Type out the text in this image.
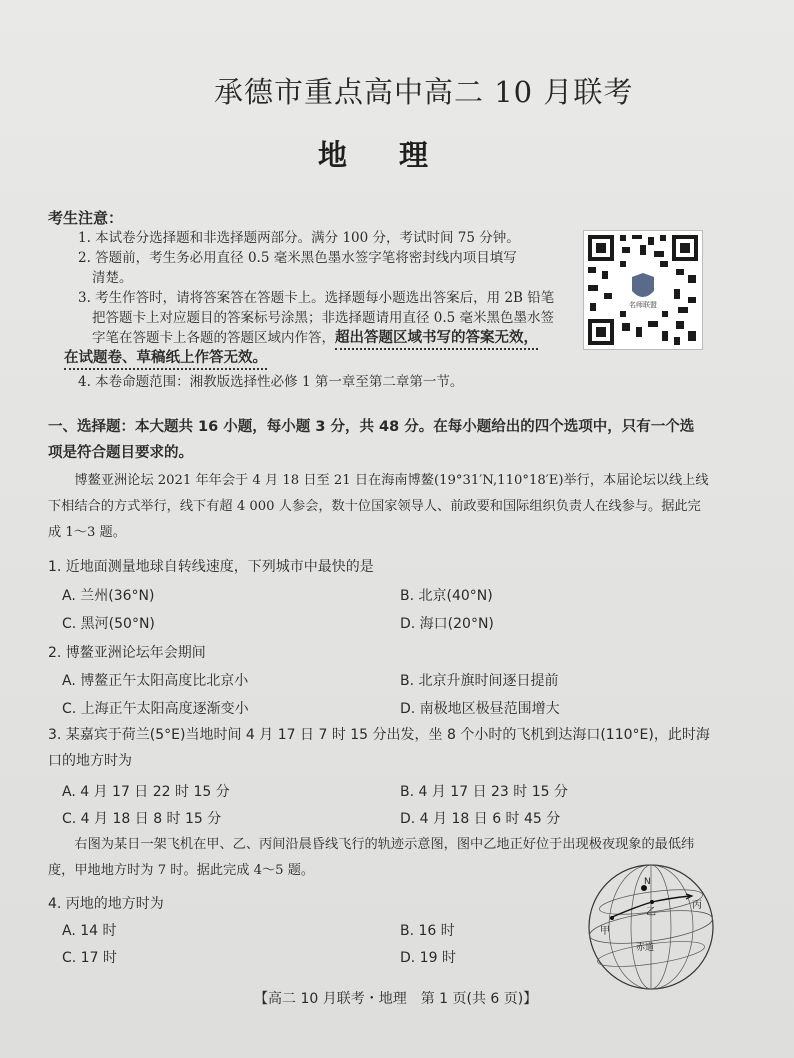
承德市重点高中高二 10 月联考
地理
考生注意：
1. 本试卷分选择题和非选择题两部分。满分 100 分，考试时间 75 分钟。
2. 答题前，考生务必用直径 0.5 毫米黑色墨水签字笔将密封线内项目填写
清楚。
3. 考生作答时，请将答案答在答题卡上。选择题每小题选出答案后，用 2B 铅笔
把答题卡上对应题目的答案标号涂黑；非选择题请用直径 0.5 毫米黑色墨水签
字笔在答题卡上各题的答题区域内作答，超出答题区域书写的答案无效，
在试题卷、草稿纸上作答无效。
4. 本卷命题范围：湘教版选择性必修 1 第一章至第二章第一节。
名师联盟
一、选择题：本大题共 16 小题，每小题 3 分，共 48 分。在每小题给出的四个选项中，只有一个选项是符合题目要求的。
博鳌亚洲论坛 2021 年年会于 4 月 18 日至 21 日在海南博鳌(19°31′N,110°18′E)举行，本届论坛以线上线下相结合的方式举行，线下有超 4 000 人参会，数十位国家领导人、前政要和国际组织负责人在线参与。据此完成 1～3 题。
1. 近地面测量地球自转线速度，下列城市中最快的是
A. 兰州(36°N)	B. 北京(40°N)
C. 黑河(50°N)	D. 海口(20°N)
2. 博鳌亚洲论坛年会期间
A. 博鳌正午太阳高度比北京小	B. 北京升旗时间逐日提前
C. 上海正午太阳高度逐渐变小	D. 南极地区极昼范围增大
3. 某嘉宾于荷兰(5°E)当地时间 4 月 17 日 7 时 15 分出发，坐 8 个小时的飞机到达海口(110°E)，此时海口的地方时为
A. 4 月 17 日 22 时 15 分	B. 4 月 17 日 23 时 15 分
C. 4 月 18 日 8 时 15 分	D. 4 月 18 日 6 时 45 分
右图为某日一架飞机在甲、乙、丙间沿晨昏线飞行的轨迹示意图，图中乙地正好位于出现极夜现象的最低纬度，甲地地方时为 7 时。据此完成 4～5 题。
4. 丙地的地方时为
A. 14 时	B. 16 时
C. 17 时	D. 19 时
N
甲
乙
丙
赤道
【高二 10 月联考・地理　第 1 页(共 6 页)】
